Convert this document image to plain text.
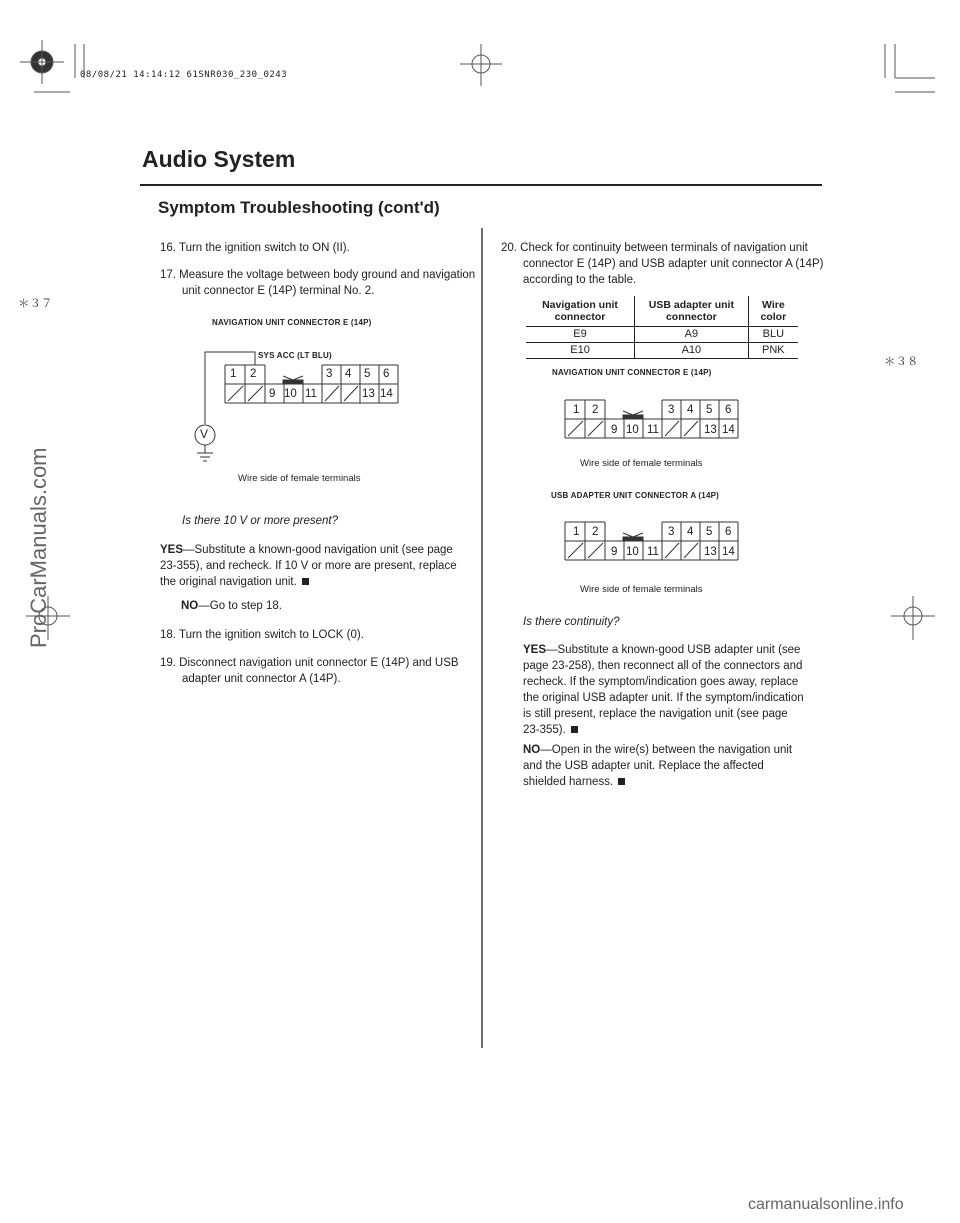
08/08/21 14:14:12 61SNR030_230_0243
Audio System
Symptom Troubleshooting (cont'd)
＊３７
＊３８
16. Turn the ignition switch to ON (II).
17. Measure the voltage between body ground and navigation unit connector E (14P) terminal No. 2.
NAVIGATION UNIT CONNECTOR E (14P)
SYS ACC (LT BLU)
1 2	3 4 5 6
9 10 11	13 14
V
Wire side of female terminals
Is there 10 V or more present?
YES—Substitute a known-good navigation unit (see page 23-355), and recheck. If 10 V or more are present, replace the original navigation unit.
NO—Go to step 18.
18. Turn the ignition switch to LOCK (0).
19. Disconnect navigation unit connector E (14P) and USB adapter unit connector A (14P).
20. Check for continuity between terminals of navigation unit connector E (14P) and USB adapter unit connector A (14P) according to the table.
Navigation unit connector	USB adapter unit connector	Wire color
E9	A9	BLU
E10	A10	PNK
NAVIGATION UNIT CONNECTOR E (14P)
1 2	3 4 5 6
9 10 11	13 14
Wire side of female terminals
USB ADAPTER UNIT CONNECTOR A (14P)
1 2	3 4 5 6
9 10 11	13 14
Wire side of female terminals
Is there continuity?
YES—Substitute a known-good USB adapter unit (see page 23-258), then reconnect all of the connectors and recheck. If the symptom/indication goes away, replace the original USB adapter unit. If the symptom/indication is still present, replace the navigation unit (see page 23-355).
NO—Open in the wire(s) between the navigation unit and the USB adapter unit. Replace the affected shielded harness.
ProCarManuals.com
carmanualsonline.info
